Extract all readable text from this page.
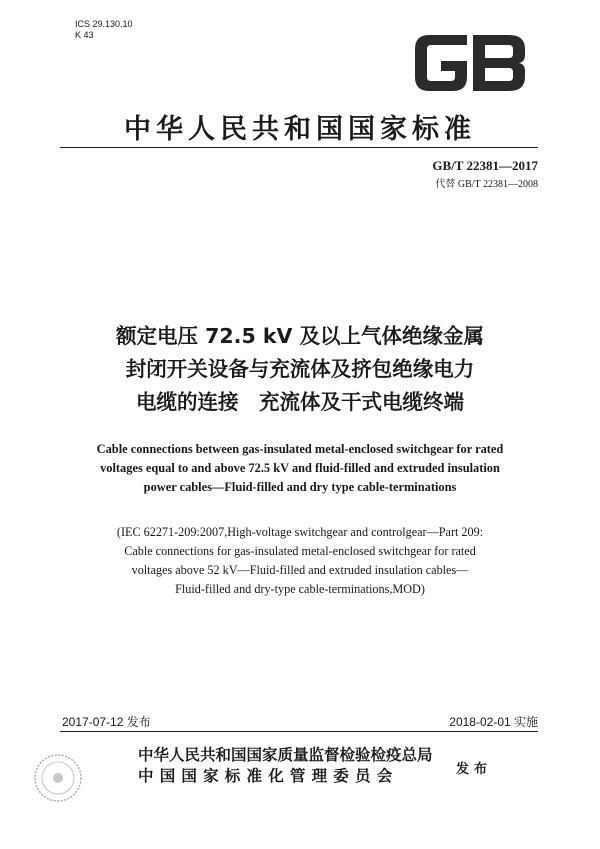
ICS 29.130.10
K 43
中华人民共和国国家标准
GB/T 22381—2017
代替 GB/T 22381—2008
额定电压 72.5 kV 及以上气体绝缘金属
封闭开关设备与充流体及挤包绝缘电力
电缆的连接　充流体及干式电缆终端
Cable connections between gas-insulated metal-enclosed switchgear for rated
voltages equal to and above 72.5 kV and fluid-filled and extruded insulation
power cables—Fluid-filled and dry type cable-terminations
(IEC 62271-209:2007,High-voltage switchgear and controlgear—Part 209:
Cable connections for gas-insulated metal-enclosed switchgear for rated
voltages above 52 kV—Fluid-filled and extruded insulation cables—
Fluid-filled and dry-type cable-terminations,MOD)
2017-07-12 发布	2018-02-01 实施
中华人民共和国国家质量监督检验检疫总局
中国国家标准化管理委员会	发布
